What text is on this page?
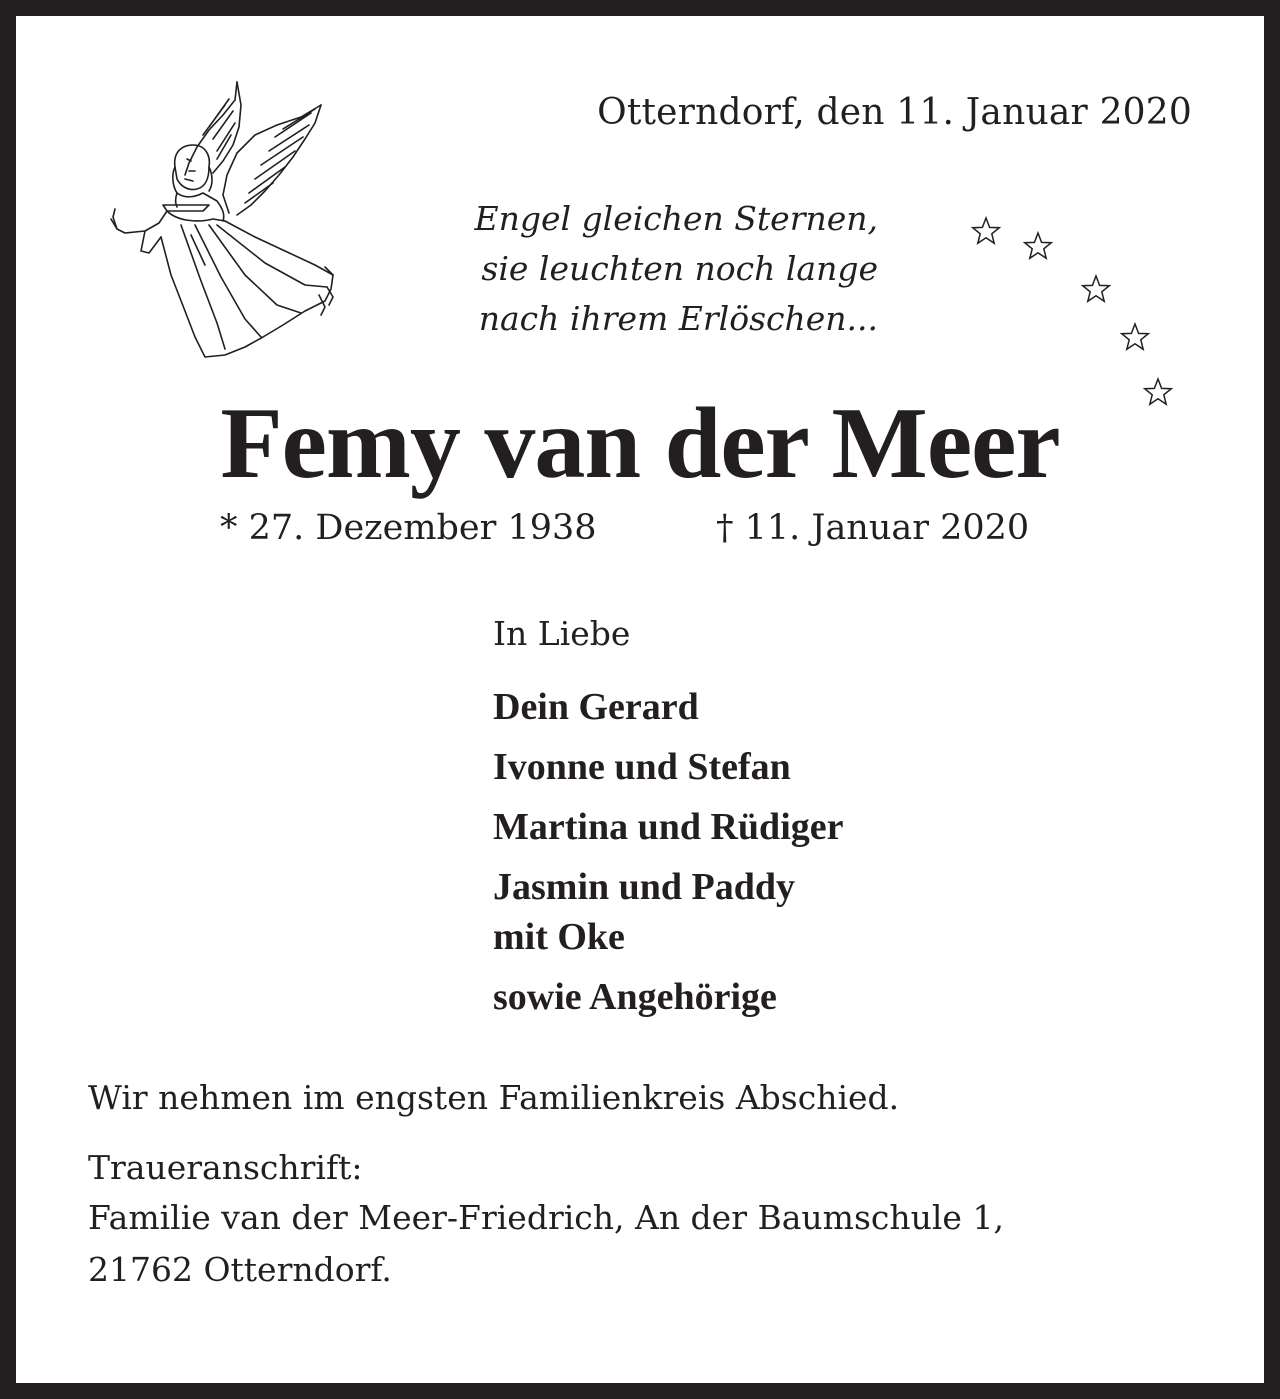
Otterndorf, den 11. Januar 2020
Engel gleichen Sternen,
sie leuchten noch lange
nach ihrem Erlöschen...
Femy van der Meer
* 27. Dezember 1938	† 11. Januar 2020
In Liebe
Dein Gerard
Ivonne und Stefan
Martina und Rüdiger
Jasmin und Paddy
mit Oke
sowie Angehörige
Wir nehmen im engsten Familienkreis Abschied.
Traueranschrift:
Familie van der Meer-Friedrich, An der Baumschule 1,
21762 Otterndorf.
